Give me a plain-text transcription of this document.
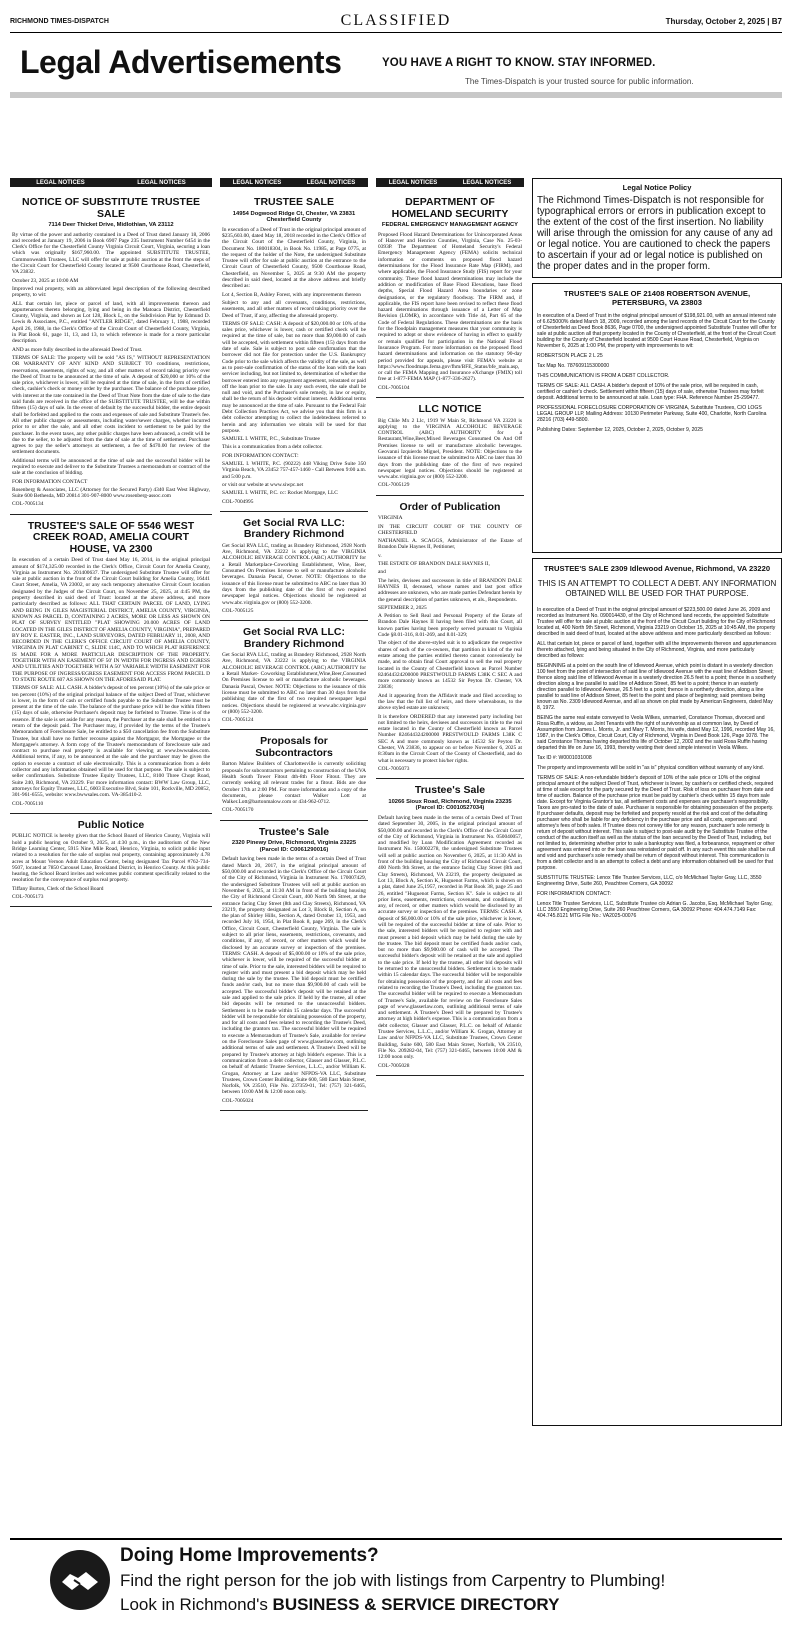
RICHMOND TIMES-DISPATCH	CLASSIFIED	Thursday, October 2, 2025 | B7
Legal Advertisements	YOU HAVE A RIGHT TO KNOW. STAY INFORMED.
The Times-Dispatch is your trusted source for public information.
LEGAL NOTICES	LEGAL NOTICES
NOTICE OF SUBSTITUTE TRUSTEE SALE
7114 Deer Thicket Drive, Midlothian, VA 23112

By virtue of the power and authority contained in a Deed of Trust dated January 18, 2006 and recorded at January 19, 2006 in Book 6907 Page 235 Instrument Number 6454 in the Clerk's Office for the Chesterfield County Virginia Circuit Court, Virginia, securing a loan which was originally $167,960.00. The appointed SUBSTITUTE TRUSTEE, Commonwealth Trustees, LLC will offer for sale at public auction at the front the steps of the Circuit Court for Chesterfield County located at 9500 Courthouse Road, Chesterfield, VA 23832.

October 23, 2025 at 10:00 AM

Improved real property, with an abbreviated legal description of the following described property, to wit:

ALL that certain lot, piece or parcel of land, with all improvements thereon and appurtenances thereto belonging, lying and being in the Matoaca District, Chesterfield County, Virginia, and shown as Lot 128, Block L, on the Subdivision Plat by Edmund D. Lewis & Associates, P.C., entitled "ANTLER RIDGE", dated February 1, 1988, recorded April 26, 1988, in the Clerk's Office of the Circuit Court of Chesterfield County, Virginia, in Plat Book 61, page 11, 13, and 13, to which reference is made for a more particular description.

AND as more fully described in the aforesaid Deed of Trust.

TERMS OF SALE: The property will be sold "AS IS," WITHOUT REPRESENTATION OR WARRANTY OF ANY KIND AND SUBJECT TO conditions, restrictions, reservations, easements, rights of way, and all other matters of record taking priority over the Deed of Trust to be announced at the time of sale. A deposit of $20,000 or 10% of the sale price, whichever is lower, will be required at the time of sale, in the form of certified check, cashier's check or money order by the purchaser. The balance of the purchase price, with interest at the rate contained in the Deed of Trust Note from the date of sale to the date said funds are received in the office of the SUBSTITUTE TRUSTEE, will be due within fifteen (15) days of sale. In the event of default by the successful bidder, the entire deposit shall be forfeited and applied to the costs and expenses of sale and Substitute Trustee's fee. All other public charges or assessments, including water/sewer charges, whether incurred prior to or after the sale, and all other costs incident to settlement to be paid by the purchaser. In the event taxes, any other public charges have been advanced, a credit will be due to the seller, to be adjusted from the date of sale at the time of settlement. Purchaser agrees to pay the seller's attorneys at settlement, a fee of $470.00 for review of the settlement documents.

Additional terms will be announced at the time of sale and the successful bidder will be required to execute and deliver to the Substitute Trustees a memorandum or contract of the sale at the conclusion of bidding.

FOR INFORMATION CONTACT

Rosenberg & Associates, LLC (Attorney for the Secured Party) 4340 East West Highway, Suite 600 Bethesda, MD 20814 301-907-8000 www.rosenberg-assoc.com

COL-7005134

TRUSTEE'S SALE OF 5546 WEST CREEK ROAD, AMELIA COURT HOUSE, VA 2300

In execution of a certain Deed of Trust dated May 16, 2014, in the original principal amount of $174,325.00 recorded in the Clerk's Office, Circuit Court for Amelia County, Virginia as Instrument No. 201400637. The undersigned Substitute Trustee will offer for sale at public auction in the front of the Circuit Court building for Amelia County, 16441 Court Street, Amelia, VA 23002, or any such temporary alternative Circuit Court location designated by the Judges of the Circuit Court, on November 25, 2025, at 4:45 PM, the property described in said deed of Trust: located at the above address, and more particularly described as follows: ALL THAT CERTAIN PARCEL OF LAND, LYING AND BEING IN GILES MAGISTERIAL DISTRICT, AMELIA COUNTY, VIRGINIA, KNOWN AS PARCEL D, CONTAINING 2 ACRES, MORE OR LESS AS SHOWN ON PLAT OF SURVEY ENTITLED "PLAT SHOWING 20.000 ACRES OF LAND LOCATED IN THE GILES DISTRICT OF AMELIA COUNTY, VIRGINIA", PREPARED BY ROY E. EASTER, INC., LAND SURVEYORS, DATED FEBRUARY 11, 2008, AND RECORDED IN THE CLERK'S OFFICE CIRCUIT COURT OF AMELIA COUNTY, VIRGINIA IN PLAT CABINET C, SLIDE 114C, AND TO WHICH PLAT REFERENCE IS MADE FOR A MORE PARTICULAR DESCRIPTION OF THE PROPERTY. TOGETHER WITH AN EASEMENT OF 50' IN WIDTH FOR INGRESS AND EGRESS AND UTILITIES AND TOGETHER WITH A 50' VARIABLE WIDTH EASEMENT FOR THE PURPOSE OF INGRESS/EGRESS EASEMENT FOR ACCESS FROM PARCEL D TO STATE ROUTE 607 AS SHOWN ON THE AFORESAID PLAT.

TERMS OF SALE: ALL CASH. A bidder's deposit of ten percent (10%) of the sale price or ten percent (10%) of the original principal balance of the subject Deed of Trust, whichever is lower, in the form of cash or certified funds payable to the Substitute Trustee must be present at the time of the sale. The balance of the purchase price will be due within fifteen (15) days of sale, otherwise Purchaser's deposit may be forfeited to Trustee. Time is of the essence. If the sale is set aside for any reason, the Purchaser at the sale shall be entitled to a return of the deposit paid. The Purchaser may, if provided by the terms of the Trustee's Memorandum of Foreclosure Sale, be entitled to a $50 cancellation fee from the Substitute Trustee, but shall have no further recourse against the Mortgagor, the Mortgagee or the Mortgagee's attorney. A form copy of the Trustee's memorandum of foreclosure sale and contract to purchase real property is available for viewing at www.bwwsales.com. Additional terms, if any, to be announced at the sale and the purchaser may be given the option to execute a contract of sale electronically. This is a communication from a debt collector and any information obtained will be used for that purpose. The sale is subject to seller confirmation. Substitute Trustee Equity Trustees, LLC, 8100 Three Chopt Road, Suite 240, Richmond, VA 23229. For more information contact: BWW Law Group, LLC, attorneys for Equity Trustees, LLC, 6003 Executive Blvd, Suite 101, Rockville, MD 20852, 301-961-6555, website: www.bwwsales.com. VA-385410-2.

COL-7005110

Public Notice

PUBLIC NOTICE is hereby given that the School Board of Henrico County, Virginia will hold a public hearing on October 9, 2025, at 4:30 p.m., in the auditorium of the New Bridge Learning Center, 5915 Nine Mile Road, Henrico, Virginia, to solicit public input related to a resolution for the sale of surplus real property, containing approximately 4.78 acres at Mount Vernon Adult Education Center, being designated Tax Parcel #762-734-9507, located at 7850 Carousel Lane, Brookland District, in Henrico County. At this public hearing, the School Board invites and welcomes public comment specifically related to the resolution for the conveyance of surplus real property.

Tiffany Burton, Clerk of the School Board

COL-7005173

LEGAL NOTICES	LEGAL NOTICES
TRUSTEE SALE
14954 Dogwood Ridge Ct, Chester, VA 23831 Chesterfield County

In execution of a Deed of Trust in the original principal amount of $235,603.00, dated May 18, 2018 recorded in the Clerk's Office of the Circuit Court of the Chesterfield County, Virginia, in Document No. 180018304, in Book No. 11985, at Page 0775, at the request of the holder of the Note, the undersigned Substitute Trustee will offer for sale at public auction at the entrance to the Circuit Court of Chesterfield County, 9500 Courthouse Road, Chesterfield, on November 5, 2025 at 9:30 AM the property described in said deed, located at the above address and briefly described as:

Lot 4, Section B, Ashley Forest, with any improvements thereon

Subject to any and all covenants, conditions, restrictions, easements, and all other matters of record taking priority over the Deed of Trust, if any, affecting the aforesaid property.

TERMS OF SALE: CASH: A deposit of $20,000.00 or 10% of the sales price, whichever is lower, cash or certified check will be required at the time of sale, but no more than $9,000.00 of cash will be accepted, with settlement within fifteen (15) days from the date of sale. Sale is subject to post sale confirmation that the borrower did not file for protection under the U.S. Bankruptcy Code prior to the sale which affects the validity of the sale, as well as to post-sale confirmation of the status of the loan with the loan servicer including, but not limited to, determination of whether the borrower entered into any repayment agreement, reinstated or paid off the loan prior to the sale. In any such event, the sale shall be null and void, and the Purchaser's sole remedy, in law or equity, shall be the return of his deposit without interest. Additional terms may be announced at the time of sale. Pursuant to the Federal Fair Debt Collection Practices Act, we advise you that this firm is a debt collector attempting to collect the indebtedness referred to herein and any information we obtain will be used for that purpose.

SAMUEL I. WHITE, P.C., Substitute Trustee

This is a communication from a debt collector.

FOR INFORMATION CONTACT:

SAMUEL I. WHITE, P.C. (90222) 448 Viking Drive Suite 350 Virginia Beach, VA 23452 757-457-1460 - Call Between 9:00 a.m. and 5:00 p.m.

or visit our website at www.siwpc.net

SAMUEL I. WHITE, P.C. cc: Rocket Mortgage, LLC

COL-7004995

Get Social RVA LLC: Brandery Richmond

Get Social RVA LLC, trading as Brandery Richmond, 2928 North Ave, Richmond, VA 23222 is applying to the VIRGINIA ALCOHOLIC BEVERAGE CONTROL (ABC) AUTHORITY for a Retail Marketplace-Coworking Establishment, Wine, Beer, Consumed On Premises license to sell or manufacture alcoholic beverages. Danasia Pascal, Owner. NOTE: Objections to the issuance of this license must be submitted to ABC no later than 30 days from the publishing date of the first of two required newspaper legal notices. Objections should be registered at www.abc.virginia.gov or (800) 552-3200.

COL-7005125

Get Social RVA LLC: Brandery Richmond

Get Social RVA LLC, trading as Brandery Richmond, 2928 North Ave, Richmond, VA 23222 is applying to the VIRGINIA ALCOHOLIC BEVERAGE CONTROL (ABC) AUTHORITY for a Retail Market- Coworking Establishment,Wine,Beer,Consumed On Premises license to sell or manufacture alcoholic beverages. Danasia Pascal, Owner. NOTE: Objections to the issuance of this license must be submitted to ABC no later than 30 days from the publishing date of the first of two required newspaper legal notices. Objections should be registered at www.abc.virginia.gov or (800) 552-3200.

COL-7005124

Proposals for Subcontractors

Barton Malow Builders of Charlottesville is currently soliciting proposals for subcontractors pertaining to construction of the UVA Health South Tower Fitout 4th-8th Floor Fitout. They are currently seeking all relevant trades for a fitout. Bids are due October 17th at 2:00 PM. For more information and a copy of the documents, please contact Walker Lott at Walker.Lott@bartonmalow.com or 434-962-0712.

COL-7005170

Trustee's Sale
2320 Pinewy Drive, Richmond, Virginia 23225 (Parcel ID: C0061290016)

Default having been made in the terms of a certain Deed of Trust dated March 20, 2017, in the original principal amount of $50,000.00 and recorded in the Clerk's Office of the Circuit Court of the City of Richmond, Virginia in Instrument No. 170007429, the undersigned Substitute Trustees will sell at public auction on November 6, 2025, at 11:30 AM in front of the building housing the City of Richmond Circuit Court, 400 North 9th Street, at the entrance facing Clay Street (8th and Clay Streets), Richmond, VA 23219, the property designated as Lot 3, Block B, Section A, on the plan of Shirley Hills, Section A, dated October 13, 1953, and recorded July 16, 1954, in Plat Book 8, page 269, in the Clerk's Office, Circuit Court, Chesterfield County, Virginia. The sale is subject to all prior liens, easements, restrictions, covenants, and conditions, if any, of record, or other matters which would be disclosed by an accurate survey or inspection of the premises. TERMS: CASH. A deposit of $5,000.00 or 10% of the sale price, whichever is lower, will be required of the successful bidder at time of sale. Prior to the sale, interested bidders will be required to register with and must present a bid deposit which may be held during the sale by the trustee. The bid deposit must be certified funds and/or cash, but no more than $9,900.00 of cash will be accepted. The successful bidder's deposit will be retained at the sale and applied to the sale price. If held by the trustee, all other bid deposits will be returned to the unsuccessful bidders. Settlement is to be made within 15 calendar days. The successful bidder will be responsible for obtaining possession of the property, and for all costs and fees related to recording the Trustee's Deed, including the grantors tax. The successful bidder will be required to execute a Memorandum of Trustee's Sale, available for review on the Foreclosure Sales page of www.glasserlaw.com, outlining additional terms of sale and settlement. A Trustee's Deed will be prepared by Trustee's attorney at high bidder's expense. This is a communication from a debt collector, Glasser and Glasser, P.L.C. on behalf of Atlantic Trustee Services, L.L.C., and/or William K. Grogan, Attorney at Law and/or NFPDS-VA LLC, Substitute Trustees, Crown Center Building, Suite 600, 580 East Main Street, Norfolk, VA 23510, File No. 237359-01, Tel: (757) 321-6465, between 10:00 AM & 12:00 noon only.

COL-7005024

LEGAL NOTICES	LEGAL NOTICES
DEPARTMENT OF HOMELAND SECURITY
FEDERAL EMERGENCY MANAGEMENT AGENCY

Proposed Flood Hazard Determinations for Unincorporated Areas of Hanover and Henrico Counties, Virginia, Case No. 25-03-0393P. The Department of Homeland Security's Federal Emergency Management Agency (FEMA) solicits technical information or comments on proposed flood hazard determinations for the Flood Insurance Rate Map (FIRM), and where applicable, the Flood Insurance Study (FIS) report for your community. These flood hazard determinations may include the addition or modification of Base Flood Elevations, base flood depths, Special Flood Hazard Area boundaries or zone designations, or the regulatory floodway. The FIRM and, if applicable, the FIS report have been revised to reflect these flood hazard determinations through issuance of a Letter of Map Revision (LOMR), in accordance with Title 44, Part 65 of the Code of Federal Regulations. These determinations are the basis for the floodplain management measures that your community is required to adopt or show evidence of having in effect to qualify or remain qualified for participation in the National Flood Insurance Program. For more information on the proposed flood hazard determinations and information on the statutory 90-day period provided for appeals, please visit FEMA's website at https://www.floodmaps.fema.gov/fhm/BFE_Status/bfe_main.asp, or call the FEMA Mapping and Insurance eXchange (FMIX) toll free at 1-877-FEMA MAP (1-877-336-2627).

COL-7005104

LLC NOTICE

Big Chile Mx 2 Llc, 1919 W Main St, Richmond VA 23220 is applying to the VIRGINIA ALCOHOLIC BEVERAGE CONTROL (ABC) AUTHORITY for a Restaurant,Wine,Beer,Mixed Beverages Consumed On And Off Premises license to sell or manufacture alcoholic beverages. Geovanni Izquierdo Miguel, President. NOTE: Objections to the issuance of this license must be submitted to ABC no later than 30 days from the publishing date of the first of two required newspaper legal notices. Objections should be registered at www.abc.virginia.gov or (800) 552-3200.

COL-7005129

Order of Publication

VIRGINIA

IN THE CIRCUIT COURT OF THE COUNTY OF CHESTERFIELD

NATHANIEL A. SCAGGS, Administrator of the Estate of Brandon Dale Haynes II, Petitioner,

v.

THE ESTATE OF BRANDON DALE HAYNES II,

and

The heirs, devisees and successors in title of BRANDON DALE HAYNES II, deceased, whose names and last post office addresses are unknown, who are made parties Defendant herein by the general description of parties unknown, et als., Respondents.

SEPTEMBER 2, 2025

A Petition to Sell Real and Personal Property of the Estate of Brandon Dale Haynes II having been filed with this Court, all known parties having been properly served pursuant to Virginia Code §8.01-316, 8.01-269, and 8.01-329;

The object of the above-styled suit is to adjudicate the respective shares of each of the co-owners, that partition in kind of the real estate among the parties entitled thereto cannot conveniently be made, and to obtain final Court approval to sell the real property located in the County of Chesterfield known as Parcel Number 824644324200000 PRESTWOULD FARMS L38K C SEC A and more commonly known as 14532 Sir Peyton Dr. Chester, VA 23836;

And it appearing from the Affidavit made and filed according to the law that the full list of heirs, and there whereabouts, to the above styled estate are unknown;

It is therefore ORDERED that any interested party including but not limited to the heirs, devisees and successors in title to the real estate located in the County of Chesterfield known as Parcel Number 824644324200000 PRESTWOULD FARMS L38K C SEC A and more commonly known as 14532 Sir Peyton Dr. Chester, VA 23836, to appear on or before November 6, 2025 at 8:30am in the Circuit Court of the County of Chesterfield, and do what is necessary to protect his/her rights.

COL-7005073

Trustee's Sale
10266 Sioux Road, Richmond, Virginia 23235 (Parcel ID: C0010527034)

Default having been made in the terms of a certain Deed of Trust dated September 30, 2005, in the original principal amount of $50,000.00 and recorded in the Clerk's Office of the Circuit Court of the City of Richmond, Virginia in Instrument No. 050040057, and modified by Loan Modification Agreement recorded as Instrument No. 150002278, the undersigned Substitute Trustees will sell at public auction on November 6, 2025, at 11:30 AM in front of the building housing the City of Richmond Circuit Court, 400 North 9th Street, at the entrance facing Clay Street (8th and Clay Streets), Richmond, VA 23219, the property designated as Lot 13, Block A, Section K, Huguenot Farms, which is shown on a plat, dated June 25,1957, recorded in Plat Book 38, page 25 and 26, entitled "Huguenot Farms, Section K". Sale is subject to all prior liens, easements, restrictions, covenants, and conditions, if any, of record, or other matters which would be disclosed by an accurate survey or inspection of the premises. TERMS: CASH. A deposit of $6,000.00 or 10% of the sale price, whichever is lower, will be required of the successful bidder at time of sale. Prior to the sale, interested bidders will be required to register with and must present a bid deposit which may be held during the sale by the trustee. The bid deposit must be certified funds and/or cash, but no more than $9,900.00 of cash will be accepted. The successful bidder's deposit will be retained at the sale and applied to the sale price. If held by the trustee, all other bid deposits will be returned to the unsuccessful bidders. Settlement is to be made within 15 calendar days. The successful bidder will be responsible for obtaining possession of the property, and for all costs and fees related to recording the Trustee's Deed, including the grantors tax. The successful bidder will be required to execute a Memorandum of Trustee's Sale, available for review on the Foreclosure Sales page of www.glasserlaw.com, outlining additional terms of sale and settlement. A Trustee's Deed will be prepared by Trustee's attorney at high bidder's expense. This is a communication from a debt collector, Glasser and Glasser, P.L.C. on behalf of Atlantic Trustee Services, L.L.C., and/or William K. Grogan, Attorney at Law and/or NFPDS-VA LLC, Substitute Trustees, Crown Center Building, Suite 600, 580 East Main Street, Norfolk, VA 23510, File No. 209282-04, Tel: (757) 321-6465, between 10:00 AM & 12:00 noon only.

COL-7005028

Legal Notice Policy

The Richmond Times-Dispatch is not responsible for typographical errors or errors in publication except to the extent of the cost of the first insertion. No liability will arise through the omission for any cause of any ad or legal notice. You are cautioned to check the papers to ascertain if your ad or legal notice is published on the proper dates and in the proper form.

TRUSTEE'S SALE OF 21408 ROBERTSON AVENUE, PETERSBURG, VA 23803

In execution of a Deed of Trust in the original principal amount of $198,921.00, with an annual interest rate of 6.625000% dated March 18, 2009, recorded among the land records of the Circuit Court for the County of Chesterfield as Deed Book 8636, Page 0700, the undersigned appointed Substitute Trustee will offer for sale at public auction all that property located in the County of Chesterfield, at the front of the Circuit Court building for the County of Chesterfield located at 9500 Court House Road, Chesterfield, Virginia on November 6, 2025 at 1:00 PM, the property with improvements to wit:

ROBERTSON PLACE 2 L 25

Tax Map No. 787609115300000

THIS COMMUNICATION IS FROM A DEBT COLLECTOR.

TERMS OF SALE: ALL CASH. A bidder's deposit of 10% of the sale price, will be required in cash, certified or cashier's check. Settlement within fifteen (15) days of sale, otherwise Trustees may forfeit deposit. Additional terms to be announced at sale. Loan type: FHA. Reference Number 25-299477.

PROFESSIONAL FORECLOSURE CORPORATION OF VIRGINIA, Substitute Trustees, C/O LOGS LEGAL GROUP LLP, Mailing Address: 10130 Perimeter Parkway, Suite 400, Charlotte, North Carolina 28216 (703) 449-5800.

Publishing Dates: September 12, 2025, October 2, 2025, October 9, 2025

TRUSTEE'S SALE 2309 Idlewood Avenue, Richmond, VA 23220

THIS IS AN ATTEMPT TO COLLECT A DEBT. ANY INFORMATION OBTAINED WILL BE USED FOR THAT PURPOSE.

In execution of a Deed of Trust in the original principal amount of $223,500.00 dated June 26, 2009 and recorded as Instrument No. 090014430, of the City of Richmond land records, the appointed Substitute Trustee will offer for sale at public auction at the front of the Circuit Court building for the City of Richmond located at, 400 North 9th Street, Richmond, Virginia 23219 on October 15, 2025 at 10:45 AM, the property described in said deed of trust, located at the above address and more particularly described as follows:

ALL that certain lot, piece or parcel of land, together with all the improvements thereon and appurtenances thereto attached, lying and being situated in the City of Richmond, Virginia, and more particularly described as follows:

BEGINNING at a point on the south line of Idlewood Avenue, which point is distant in a westerly direction 100 feet from the point of intersection of said line of Idlewood Avenue with the east line of Addison Street; thence along said line of Idlewood Avenue in a westerly direction 26.5 feet to a point; thence in a southerly direction along a line parallel to said line of Addison Street, 85 feet to a point; thence in an easterly direction parallel to Idlewood Avenue, 26.5 feet to a point; thence in a northerly direction, along a line parallel to said line of Addison Street, 85 feet to the point and place of beginning; said premises being known as No. 2309 Idlewood Avenue, and all as shown on plat made by American Engineers, dated May 8, 1972.

BEING the same real estate conveyed to Veola Wilkes, unmarried, Constance Thomas, divorced and Rosa Ruffin, a widow, as Joint Tenants with the right of survivorship as at common law, by Deed of Assumption from James L. Morris, Jr. and Mary T. Morris, his wife, dated May 12, 1996, recorded May 16, 1987, in the Clerk's Office, Circuit Court, City of Richmond, Virginia in Deed Book 126, Page 1078. The said Constance Thomas having departed this life of October 12, 2002 and the said Rosa Ruffin having departed this life on June 16, 1993, thereby vesting their deed simple interest in Veola Wilkes.

Tax ID #: W0001031008

The property and improvements will be sold in "as is" physical condition without warranty of any kind.

TERMS OF SALE: A non-refundable bidder's deposit of 10% of the sale price or 10% of the original principal amount of the subject Deed of Trust, whichever is lower, by cashier's or certified check, required at time of sale except for the party secured by the Deed of Trust. Risk of loss on purchaser from date and time of auction. Balance of the purchase price must be paid by cashier's check within 15 days from sale date. Except for Virginia Grantor's tax, all settlement costs and expenses are purchaser's responsibility. Taxes are pro-rated to the date of sale. Purchaser is responsible for obtaining possession of the property. If purchaser defaults, deposit may be forfeited and property resold at the risk and cost of the defaulting purchaser who shall be liable for any deficiency in the purchase price and all costs, expenses and attorney's fees of both sales. If Trustee does not convey title for any reason, purchaser's sole remedy is return of deposit without interest. This sale is subject to post-sale audit by the Substitute Trustee of the conduct of the auction itself as well as the status of the loan secured by the Deed of Trust, including, but not limited to, determining whether prior to sale a bankruptcy was filed, a forbearance, repayment or other agreement was entered into or the loan was reinstated or paid off. In any such event this sale shall be null and void and purchaser's sole remedy shall be return of deposit without interest. This communication is from a debt collector and is an attempt to collect a debt and any information obtained will be used for that purpose.

SUBSTITUTE TRUSTEE: Lenox Title Trustee Services, LLC, c/o McMichael Taylor Gray, LLC, 3550 Engineering Drive, Suite 260, Peachtree Corners, GA 30092

FOR INFORMATION CONTACT:

Lenox Title Trustee Services, LLC, Substitute Trustee c/o Adrian G. Jacobs, Esq. McMichael Taylor Gray, LLC 3550 Engineering Drive, Suite 260 Peachtree Corners, GA 30092 Phone: 404.474.7149 Fax: 404.745.8121 MTG File No.: VA2025-00076

Doing Home Improvements?
Find the right person for the job with listings from Carpentry to Plumbing!
Look in Richmond's BUSINESS & SERVICE DIRECTORY
